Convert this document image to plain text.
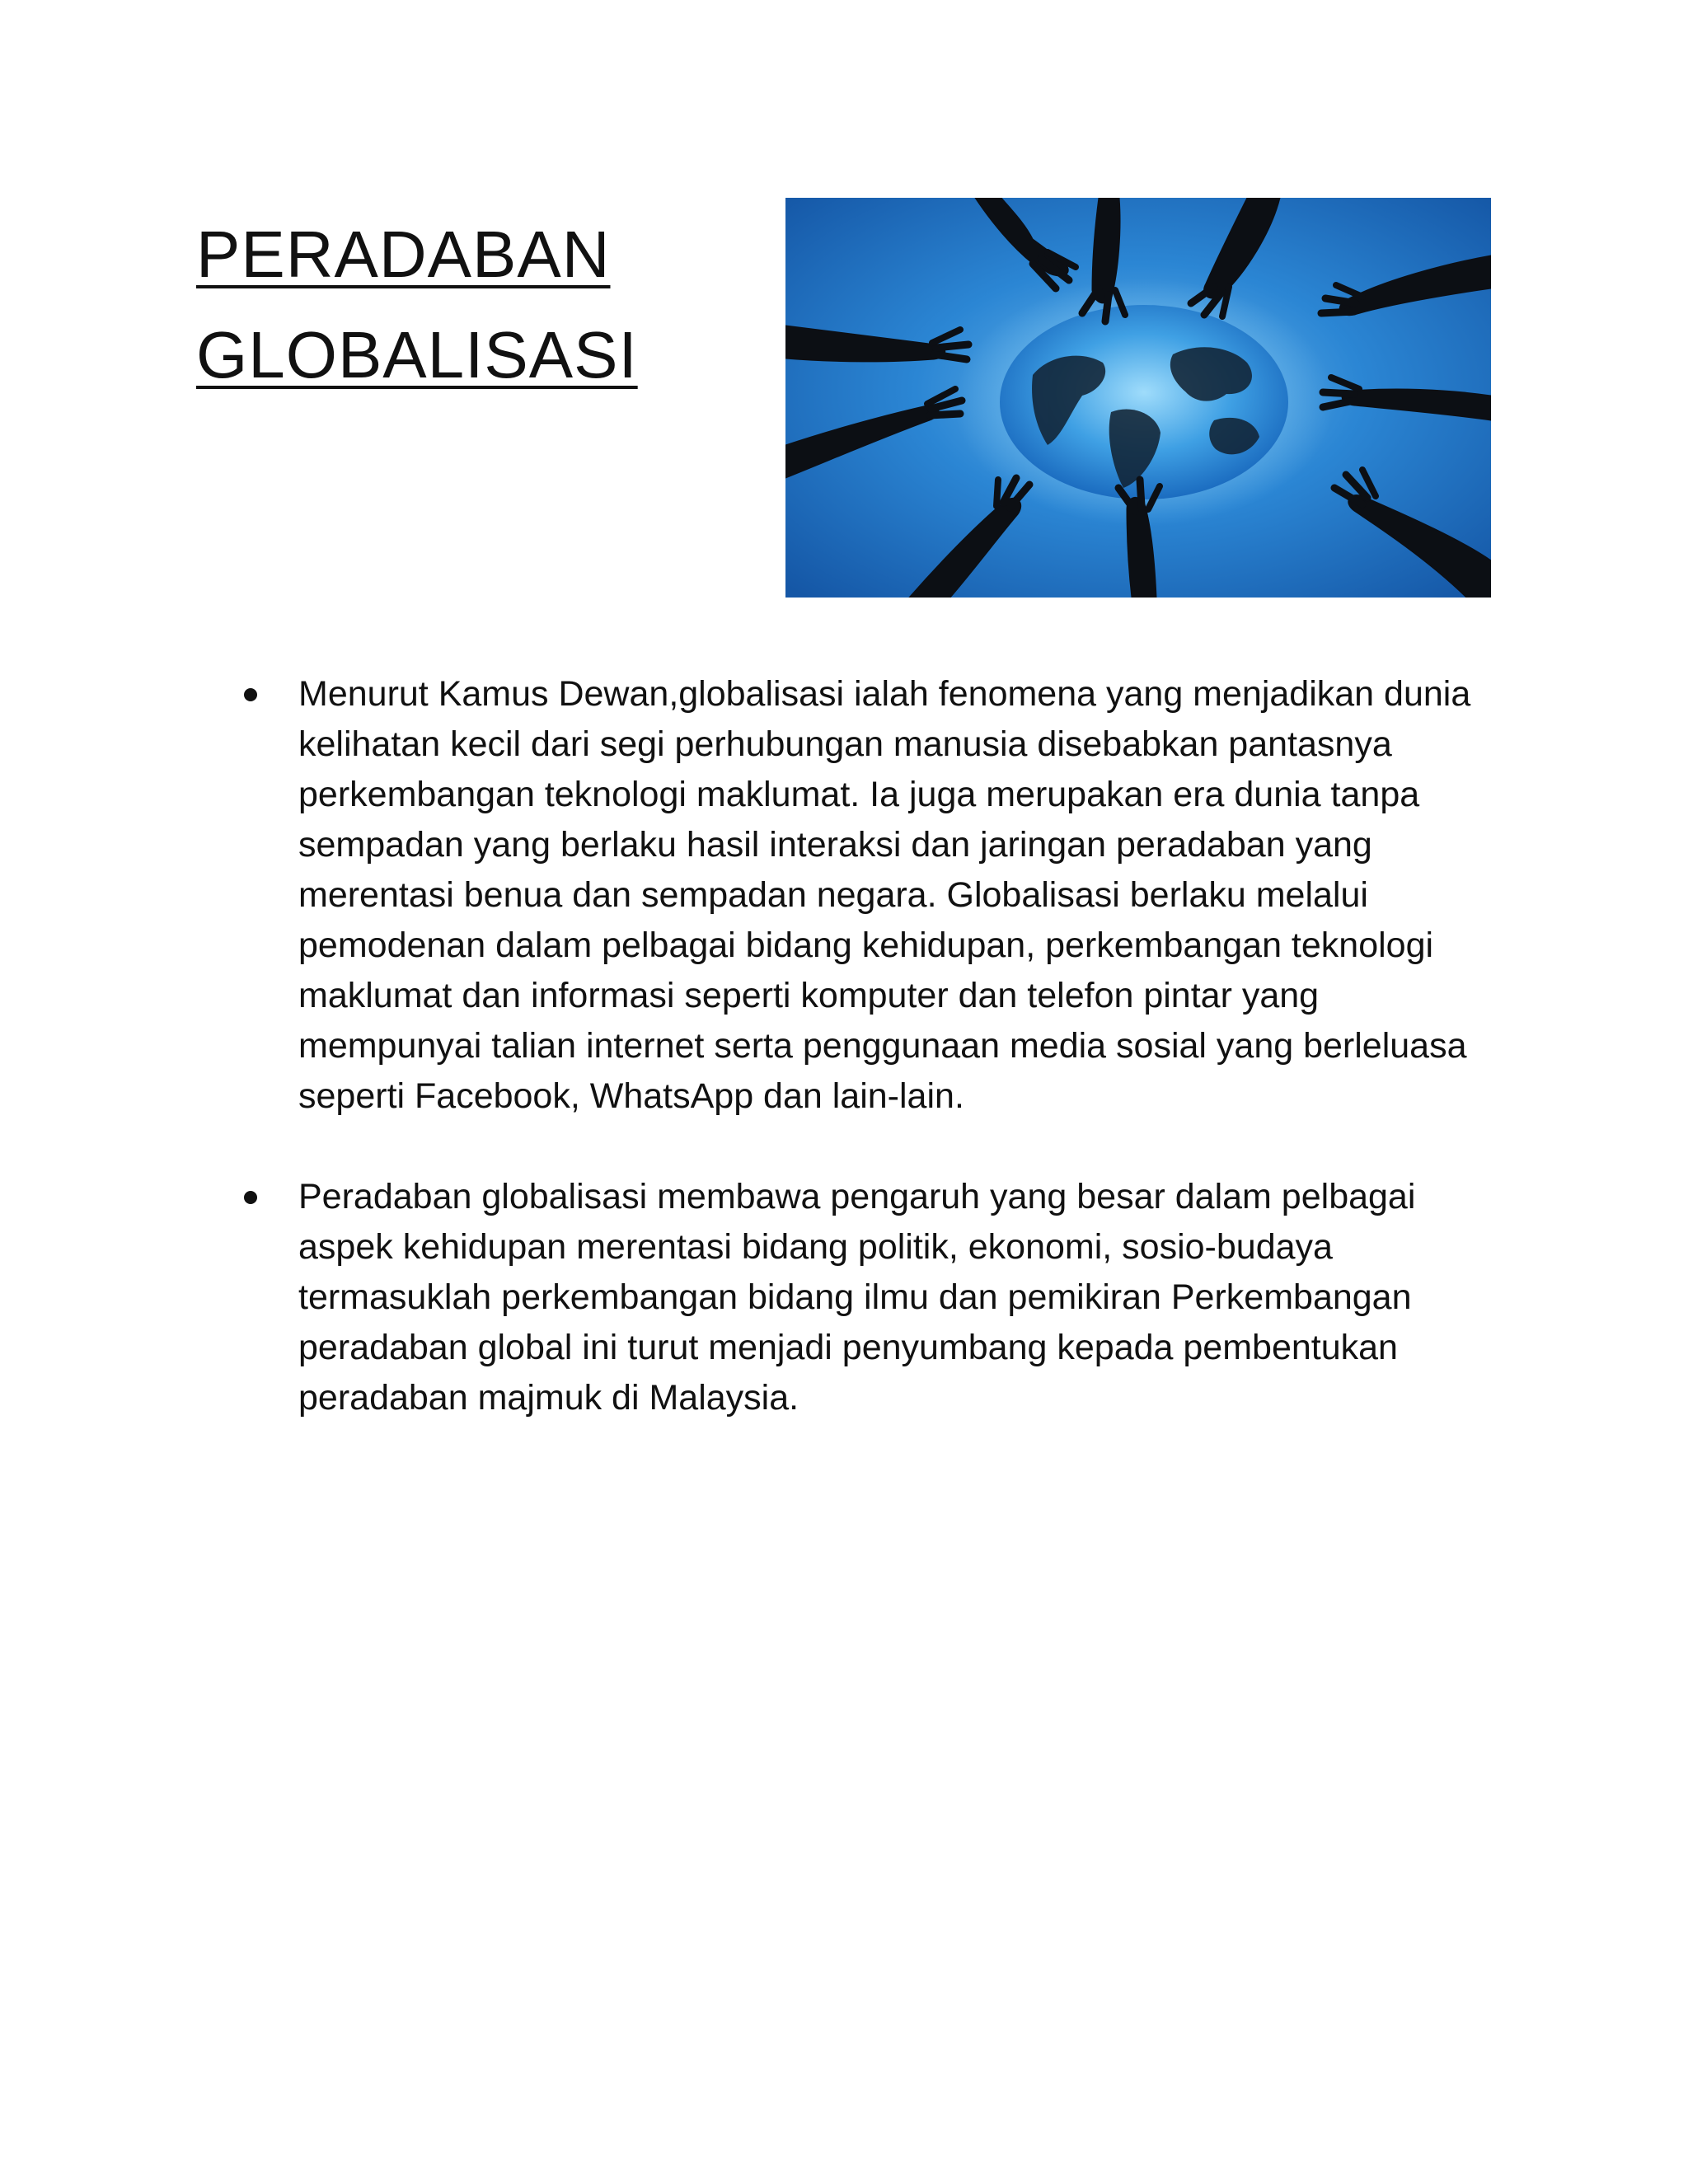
PERADABAN
GLOBALISASI
Menurut Kamus Dewan,globalisasi ialah fenomena yang menjadikan dunia kelihatan kecil dari segi perhubungan manusia disebabkan pantasnya perkembangan teknologi maklumat. Ia juga merupakan era dunia tanpa sempadan yang berlaku hasil interaksi dan jaringan peradaban yang merentasi benua dan sempadan negara. Globalisasi berlaku melalui pemodenan dalam pelbagai bidang kehidupan, perkembangan teknologi maklumat dan informasi seperti komputer dan telefon pintar yang mempunyai talian internet serta penggunaan media sosial yang berleluasa seperti Facebook, WhatsApp dan lain-lain.
Peradaban globalisasi membawa pengaruh yang besar dalam pelbagai aspek kehidupan merentasi bidang politik, ekonomi, sosio-budaya termasuklah perkembangan bidang ilmu dan pemikiran Perkembangan peradaban global ini turut menjadi penyumbang kepada pembentukan peradaban majmuk di Malaysia.
